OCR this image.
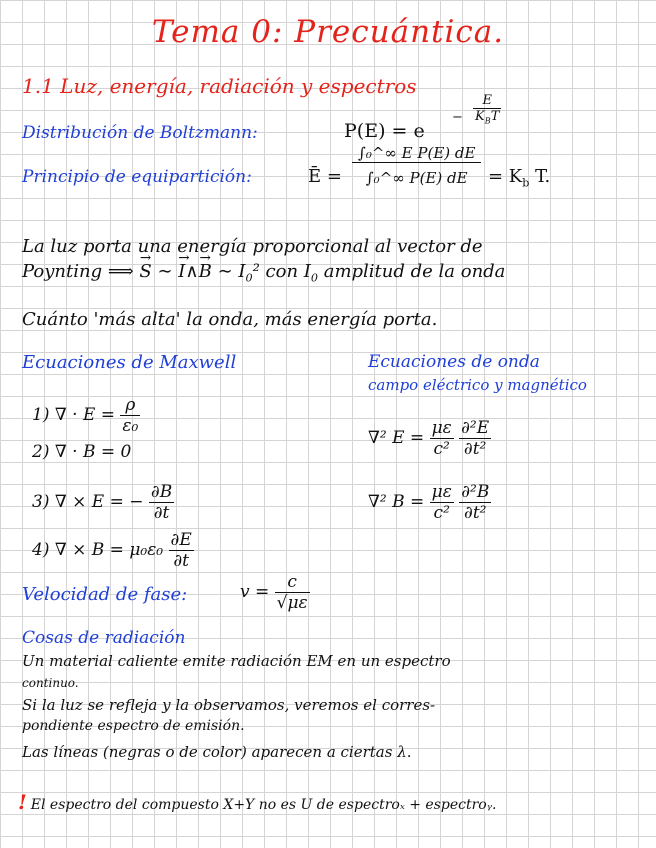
Tema 0: Precuántica.
1.1 Luz, energía, radiación y espectros
Distribución de Boltzmann:	P(E) = e
− $\frac{E}{K_BT}$
Principio de equipartición:	Ē = $\frac{\text{∫₀\textasciicircum{}∞ E P(E) dE}}{\text{∫₀\textasciicircum{}∞ P(E) dE}} = K_b$ T.
La luz porta una energía proporcional al vector de
Poynting ⟹ → S ∼ → I∧→ B ∼ $I_0^2$ con $I_0$ amplitud de la onda
Cuánto 'más alta' la onda, más energía porta.
Ecuaciones de Maxwell
1) ∇ · $E = \frac{\rho}{\text{ε₀}}$
2) ∇ · B = 0
3) ∇ × E = − $\frac{\partial B}{\partial t}$
4) ∇ × $B = \mu_0\varepsilon_0 \frac{\partial E}{\partial t}$
Ecuaciones de onda
campo eléctrico y magnético
∇² $E = \frac{\mu\varepsilon}{\text{c²}}$
$\frac{\text{∂²E}}{\text{∂t²}}$
∇² $B = \frac{\mu\varepsilon}{\text{c²}}$
$\frac{\text{∂²B}}{\text{∂t²}}$
Velocidad de fase:	$v = \frac{c}{√\mu\varepsilon}$
Cosas de radiación
Un material caliente emite radiación EM en un espectro
continuo.
Si la luz se refleja y la observamos, veremos el corres-
pondiente espectro de emisión.
Las líneas (negras o de color) aparecen a ciertas λ.
! El espectro del compuesto X+Y no es U de espectroₓ + espectroᵧ.
